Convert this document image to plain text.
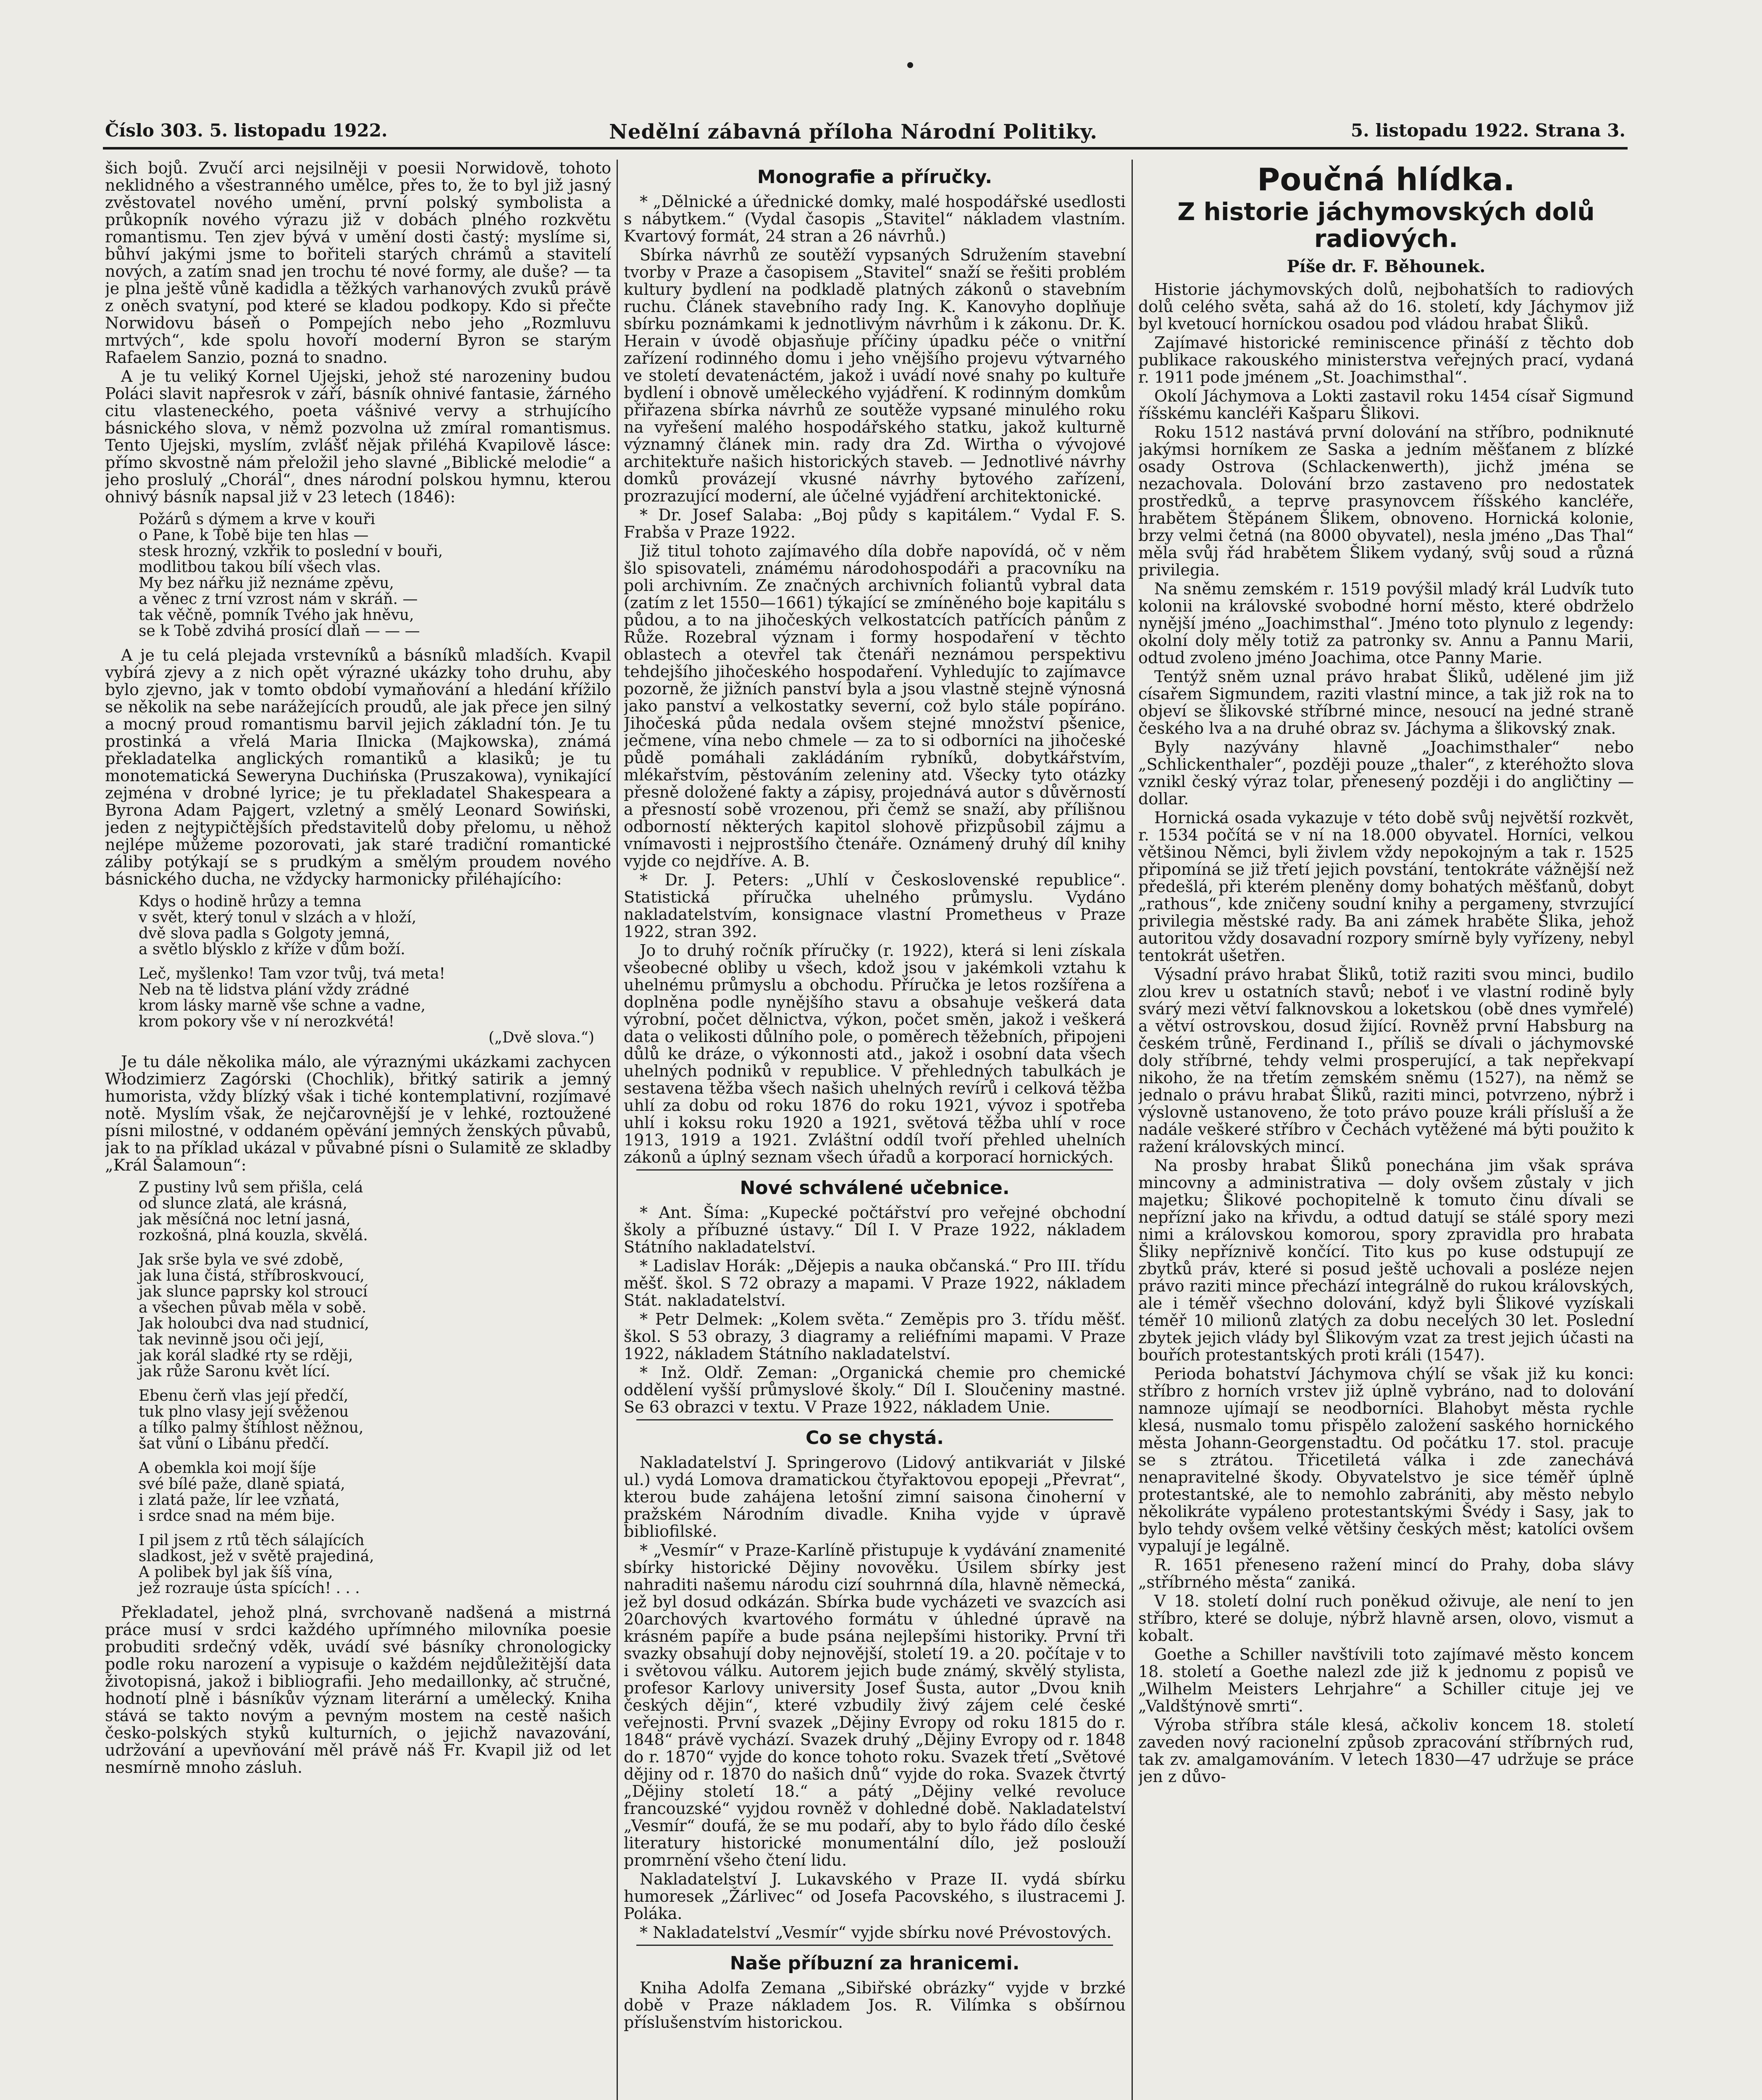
Číslo 303. 5. listopadu 1922.	Nedělní zábavná příloha Národní Politiky.	5. listopadu 1922. Strana 3.

šich bojů. Zvučí arci nejsilněji v poesii Norwidově, tohoto neklidného a všestranného umělce, přes to, že to byl již jasný zvěstovatel nového umění, první polský symbolista a průkopník nového výrazu již v dobách plného rozkvětu romantismu. Ten zjev bývá v umění dosti častý: myslíme si, bůhví jakými jsme to bořiteli starých chrámů a stavitelí nových, a zatím snad jen trochu té nové formy, ale duše? — ta je plna ještě vůně kadidla a těžkých varhanových zvuků právě z oněch svatyní, pod které se kladou podkopy. Kdo si přečte Norwidovu báseň o Pompejích nebo jeho „Rozmluvu mrtvých“, kde spolu hovoří moderní Byron se starým Rafaelem Sanzio, pozná to snadno.

A je tu veliký Kornel Ujejski, jehož sté narozeniny budou Poláci slavit napřesrok v září, básník ohnivé fantasie, žárného citu vlasteneckého, poeta vášnivé vervy a strhujícího básnického slova, v němž pozvolna už zmíral romantismus. Tento Ujejski, myslím, zvlášť nějak přiléhá Kvapilově lásce: přímo skvostně nám přeložil jeho slavné „Biblické melodie“ a jeho proslulý „Chorál“, dnes národní polskou hymnu, kterou ohnivý básník napsal již v 23 letech (1846):

Požárů s dýmem a krve v kouři
o Pane, k Tobě bije ten hlas —
stesk hrozný, vzkřik to poslední v bouři,
modlitbou takou bílí všech vlas.
My bez nářku již neznáme zpěvu,
a věnec z trní vzrost nám v skráň. —
tak věčně, pomník Tvého jak hněvu,
se k Tobě zdvihá prosící dlaň — — —

A je tu celá plejada vrstevníků a básníků mladších. Kvapil vybírá zjevy a z nich opět výrazné ukázky toho druhu, aby bylo zjevno, jak v tomto období vymaňování a hledání křížilo se několik na sebe narážejících proudů, ale jak přece jen silný a mocný proud romantismu barvil jejich základní tón. Je tu prostinká a vřelá Maria Ilnicka (Majkowska), známá překladatelka anglických romantiků a klasiků; je tu monotematická Seweryna Duchińska (Pruszakowa), vynikající zejména v drobné lyrice; je tu překladatel Shakespeara a Byrona Adam Pajgert, vzletný a smělý Leonard Sowiński, jeden z nejtypičtějších představitelů doby přelomu, u něhož nejlépe můžeme pozorovati, jak staré tradiční romantické záliby potýkají se s prudkým a smělým proudem nového básnického ducha, ne vždycky harmonicky přiléhajícího:

Kdys o hodině hrůzy a temna
v svět, který tonul v slzách a v hloží,
dvě slova padla s Golgoty jemná,
a světlo blýsklo z kříže v dům boží.
Leč, myšlenko! Tam vzor tvůj, tvá meta!
Neb na tě lidstva plání vždy zrádné
krom lásky marně vše schne a vadne,
krom pokory vše v ní nerozkvétá!
(„Dvě slova.“)

Je tu dále několika málo, ale výraznými ukázkami zachycen Włodzimierz Zagórski (Chochlik), břitký satirik a jemný humorista, vždy blízký však i tiché kontemplativní, rozjímavé notě. Myslím však, že nejčarovnější je v lehké, roztoužené písni milostné, v oddaném opěvání jemných ženských půvabů, jak to na příklad ukázal v půvabné písni o Sulamitě ze skladby „Král Šalamoun“:

Z pustiny lvů sem přišla, celá
od slunce zlatá, ale krásná,
jak měsíčná noc letní jasná,
rozkošná, plná kouzla, skvělá.
Jak srše byla ve své zdobě,
jak luna čistá, stříbroskvoucí,
jak slunce paprsky kol stroucí
a všechen půvab měla v sobě.
Jak holoubci dva nad studnicí,
tak nevinně jsou oči její,
jak korál sladké rty se rději,
jak růže Saronu květ lící.
Ebenu čerň vlas její předčí,
tuk plno vlasy její svěženou
a tílko palmy štíhlost něžnou,
šat vůní o Libánu předčí.
A obemkla koi mojí šíje
své bílé paže, dlaně spiatá,
i zlatá paže, lír lee vzňatá,
i srdce snad na mém bije.
I pil jsem z rtů těch sálajících
sladkost, jež v světě prajediná,
A polibek byl jak šíš vína,
jež rozrauje ústa spících! . . .

Překladatel, jehož plná, svrchovaně nadšená a mistrná práce musí v srdci každého upřímného milovníka poesie probuditi srdečný vděk, uvádí své básníky chronologicky podle roku narození a vypisuje o každém nejdůležitější data životopisná, jakož i bibliografii. Jeho medaillonky, ač stručné, hodnotí plně i básníkův význam literární a umělecký. Kniha stává se takto novým a pevným mostem na cestě našich česko-polských styků kulturních, o jejichž navazování, udržování a upevňování měl právě náš Fr. Kvapil již od let nesmírně mnoho zásluh.

Monografie a příručky.

* „Dělnické a úřednické domky, malé hospodářské usedlosti s nábytkem.“ (Vydal časopis „Stavitel“ nákladem vlastním. Kvartový formát, 24 stran a 26 návrhů.)

Sbírka návrhů ze soutěží vypsaných Sdružením stavební tvorby v Praze a časopisem „Stavitel“ snaží se řešiti problém kultury bydlení na podkladě platných zákonů o stavebním ruchu. Článek stavebního rady Ing. K. Kanovyho doplňuje sbírku poznámkami k jednotlivým návrhům i k zákonu. Dr. K. Herain v úvodě objasňuje příčiny úpadku péče o vnitřní zařízení rodinného domu i jeho vnějšího projevu výtvarného ve století devatenáctém, jakož i uvádí nové snahy po kultuře bydlení i obnově uměleckého vyjádření. K rodinným domkům přiřazena sbírka návrhů ze soutěže vypsané minulého roku na vyřešení malého hospodářského statku, jakož kulturně významný článek min. rady dra Zd. Wirtha o vývojové architektuře našich historických staveb. — Jednotlivé návrhy domků provázejí vkusné návrhy bytového zařízení, prozrazující moderní, ale účelné vyjádření architektonické.

* Dr. Josef Salaba: „Boj půdy s kapitálem.“ Vydal F. S. Frabša v Praze 1922.

Již titul tohoto zajímavého díla dobře napovídá, oč v něm šlo spisovateli, známému národohospodáři a pracovníku na poli archivním. Ze značných archivních foliantů vybral data (zatím z let 1550—1661) týkající se zmíněného boje kapitálu s půdou, a to na jihočeských velkostatcích patřících pánům z Růže. Rozebral význam i formy hospodaření v těchto oblastech a otevřel tak čtenáři neznámou perspektivu tehdejšího jihočeského hospodaření. Vyhledujíc to zajímavce pozorně, že jižních panství byla a jsou vlastně stejně výnosná jako panství a velkostatky severní, což bylo stále popíráno. Jihočeská půda nedala ovšem stejné množství pšenice, ječmene, vína nebo chmele — za to si odborníci na jihočeské půdě pomáhali zakládáním rybníků, dobytkářstvím, mlékařstvím, pěstováním zeleniny atd. Všecky tyto otázky přesně doložené fakty a zápisy, projednává autor s důvěrností a přesností sobě vrozenou, při čemž se snaží, aby přílišnou odborností některých kapitol slohově přizpůsobil zájmu a vnímavosti i nejprostšího čtenáře. Oznámený druhý díl knihy vyjde co nejdříve. A. B.

* Dr. J. Peters: „Uhlí v Československé republice“. Statistická příručka uhelného průmyslu. Vydáno nakladatelstvím, konsignace vlastní Prometheus v Praze 1922, stran 392.

Jo to druhý ročník příručky (r. 1922), která si leni získala všeobecné obliby u všech, kdož jsou v jakémkoli vztahu k uhelnému průmyslu a obchodu. Příručka je letos rozšířena a doplněna podle nynějšího stavu a obsahuje veškerá data výrobní, počet dělnictva, výkon, počet směn, jakož i veškerá data o velikosti důlního pole, o poměrech těžebních, připojeni důlů ke dráze, o výkonnosti atd., jakož i osobní data všech uhelných podniků v republice. V přehledných tabulkách je sestavena těžba všech našich uhelných revírů i celková těžba uhlí za dobu od roku 1876 do roku 1921, vývoz i spotřeba uhlí i koksu roku 1920 a 1921, světová těžba uhlí v roce 1913, 1919 a 1921. Zvláštní oddíl tvoří přehled uhelních zákonů a úplný seznam všech úřadů a korporací hornických.

Nové schválené učebnice.

* Ant. Šíma: „Kupecké počtářství pro veřejné obchodní školy a příbuzné ústavy.“ Díl I. V Praze 1922, nákladem Státního nakladatelství.

* Ladislav Horák: „Dějepis a nauka občanská.“ Pro III. třídu měšť. škol. S 72 obrazy a mapami. V Praze 1922, nákladem Stát. nakladatelství.

* Petr Delmek: „Kolem světa.“ Zeměpis pro 3. třídu měšť. škol. S 53 obrazy, 3 diagramy a reliéfními mapami. V Praze 1922, nákladem Státního nakladatelství.

* Inž. Oldř. Zeman: „Organická chemie pro chemické oddělení vyšší průmyslové školy.“ Díl I. Sloučeniny mastné. Se 63 obrazci v textu. V Praze 1922, nákladem Unie.

Co se chystá.

Nakladatelství J. Springerovo (Lidový antikvariát v Jilské ul.) vydá Lomova dramatickou čtyřaktovou epopeji „Převrat“, kterou bude zahájena letošní zimní saisona činoherní v pražském Národním divadle. Kniha vyjde v úpravě bibliofilské.

* „Vesmír“ v Praze-Karlíně přistupuje k vydávání znamenité sbírky historické Dějiny novověku. Úsilem sbírky jest nahraditi našemu národu cizí souhrnná díla, hlavně německá, jež byl dosud odkázán. Sbírka bude vycházeti ve svazcích asi 20archových kvartového formátu v úhledné úpravě na krásném papíře a bude psána nejlepšími historiky. První tři svazky obsahují doby nejnovější, století 19. a 20. počítaje v to i světovou válku. Autorem jejich bude známý, skvělý stylista, profesor Karlovy university Josef Šusta, autor „Dvou knih českých dějin“, které vzbudily živý zájem celé české veřejnosti. První svazek „Dějiny Evropy od roku 1815 do r. 1848“ právě vychází. Svazek druhý „Dějiny Evropy od r. 1848 do r. 1870“ vyjde do konce tohoto roku. Svazek třetí „Světové dějiny od r. 1870 do našich dnů“ vyjde do roka. Svazek čtvrtý „Dějiny století 18.“ a pátý „Dějiny velké revoluce francouzské“ vyjdou rovněž v dohledné době. Nakladatelství „Vesmír“ doufá, že se mu podaří, aby to bylo řádo dílo české literatury historické monumentální dílo, jež poslouží promrnění všeho čtení lidu.

Nakladatelství J. Lukavského v Praze II. vydá sbírku humoresek „Žárlivec“ od Josefa Pacovského, s ilustracemi J. Poláka.

* Nakladatelství „Vesmír“ vyjde sbírku nové Prévostových.

Naše příbuzní za hranicemi.

Kniha Adolfa Zemana „Sibiřské obrázky“ vyjde v brzké době v Praze nákladem Jos. R. Vilímka s obšírnou příslušenstvím historickou.

Poučná hlídka.
Z historie jáchymovských dolů radiových.
Píše dr. F. Běhounek.

Historie jáchymovských dolů, nejbohatších to radiových dolů celého světa, sahá až do 16. století, kdy Jáchymov již byl kvetoucí horníckou osadou pod vládou hrabat Šliků.

Zajímavé historické reminiscence přináší z těchto dob publikace rakouského ministerstva veřejných prací, vydaná r. 1911 pode jménem „St. Joachimsthal“.

Okolí Jáchymova a Lokti zastavil roku 1454 císař Sigmund říšskému kancléři Kašparu Šlikovi.

Roku 1512 nastává první dolování na stříbro, podniknuté jakýmsi horníkem ze Saska a jedním měšťanem z blízké osady Ostrova (Schlackenwerth), jichž jména se nezachovala. Dolování brzo zastaveno pro nedostatek prostředků, a teprve prasynovcem říšského kancléře, hrabětem Štěpánem Šlikem, obnoveno. Hornická kolonie, brzy velmi četná (na 8000 obyvatel), nesla jméno „Das Thal“ měla svůj řád hrabětem Šlikem vydaný, svůj soud a různá privilegia.

Na sněmu zemském r. 1519 povýšil mladý král Ludvík tuto kolonii na královské svobodné horní město, které obdrželo nynější jméno „Joachimsthal“. Jméno toto plynulo z legendy: okolní doly měly totiž za patronky sv. Annu a Pannu Marii, odtud zvoleno jméno Joachima, otce Panny Marie.

Tentýž sněm uznal právo hrabat Šliků, udělené jim již císařem Sigmundem, raziti vlastní mince, a tak již rok na to objeví se šlikovské stříbrné mince, nesoucí na jedné straně českého lva a na druhé obraz sv. Jáchyma a šlikovský znak.

Byly nazývány hlavně „Joachimsthaler“ nebo „Schlickenthaler“, později pouze „thaler“, z kteréhožto slova vznikl český výraz tolar, přenesený později i do angličtiny — dollar.

Hornická osada vykazuje v této době svůj největší rozkvět, r. 1534 počítá se v ní na 18.000 obyvatel. Horníci, velkou většinou Němci, byli živlem vždy nepokojným a tak r. 1525 připomíná se již třetí jejich povstání, tentokráte vážnější než předešlá, při kterém pleněny domy bohatých měšťanů, dobyt „rathous“, kde zničeny soudní knihy a pergameny, stvrzující privilegia městské rady. Ba ani zámek hraběte Šlika, jehož autoritou vždy dosavadní rozpory smírně byly vyřízeny, nebyl tentokrát ušetřen.

Výsadní právo hrabat Šliků, totiž raziti svou minci, budilo zlou krev u ostatních stavů; neboť i ve vlastní rodině byly svárý mezi větví falknovskou a loketskou (obě dnes vymřelé) a větví ostrovskou, dosud žijící. Rovněž první Habsburg na českém trůně, Ferdinand I., příliš se dívali o jáchymovské doly stříbrné, tehdy velmi prosperující, a tak nepřekvapí nikoho, že na třetím zemském sněmu (1527), na němž se jednalo o právu hrabat Šliků, raziti minci, potvrzeno, nýbrž i výslovně ustanoveno, že toto právo pouze králi přísluší a že nadále veškeré stříbro v Čechách vytěžené má býti použito k ražení královských mincí.

Na prosby hrabat Šliků ponechána jim však správa mincovny a administrativa — doly ovšem zůstaly v jich majetku; Šlikové pochopitelně k tomuto činu dívali se nepřízní jako na křivdu, a odtud datují se stálé spory mezi nimi a královskou komorou, spory zpravidla pro hrabata Šliky nepříznivě končící. Tito kus po kuse odstupují ze zbytků práv, které si posud ještě uchovali a posléze nejen právo raziti mince přechází integrálně do rukou královských, ale i téměř všechno dolování, když byli Šlikové vyzískali téměř 10 milionů zlatých za dobu necelých 30 let. Poslední zbytek jejich vlády byl Šlikovým vzat za trest jejich účasti na bouřích protestantských proti králi (1547).

Perioda bohatství Jáchymova chýlí se však již ku konci: stříbro z horních vrstev již úplně vybráno, nad to dolování namnoze ujímají se neodborníci. Blahobyt města rychle klesá, nusmalo tomu přispělo založení saského hornického města Johann-Georgenstadtu. Od počátku 17. stol. pracuje se s ztrátou. Třicetiletá válka i zde zanechává nenapravitelné škody. Obyvatelstvo je sice téměř úplně protestantské, ale to nemohlo zabrániti, aby město nebylo několikráte vypáleno protestantskými Švédy i Sasy, jak to bylo tehdy ovšem velké většiny českých měst; katolíci ovšem vypalují je legálně.

R. 1651 přeneseno ražení mincí do Prahy, doba slávy „stříbrného města“ zaniká.

V 18. století dolní ruch poněkud oživuje, ale není to jen stříbro, které se doluje, nýbrž hlavně arsen, olovo, vismut a kobalt.

Goethe a Schiller navštívili toto zajímavé město koncem 18. století a Goethe nalezl zde již k jednomu z popisů ve „Wilhelm Meisters Lehrjahre“ a Schiller cituje jej ve „Valdštýnově smrti“.

Výroba stříbra stále klesá, ačkoliv koncem 18. století zaveden nový racionelní způsob zpracování stříbrných rud, tak zv. amalgamováním. V letech 1830—47 udržuje se práce jen z důvo-
